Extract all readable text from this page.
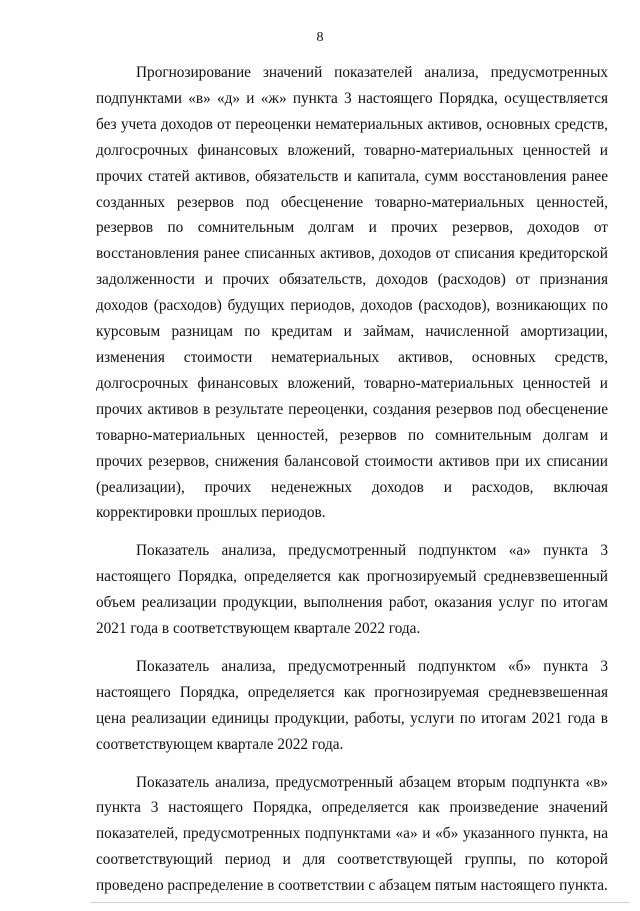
8

Прогнозирование значений показателей анализа, предусмотренных подпунктами «в» «д» и «ж» пункта 3 настоящего Порядка, осуществляется без учета доходов от переоценки нематериальных активов, основных средств, долгосрочных финансовых вложений, товарно-материальных ценностей и прочих статей активов, обязательств и капитала, сумм восстановления ранее созданных резервов под обесценение товарно-материальных ценностей, резервов по сомнительным долгам и прочих резервов, доходов от восстановления ранее списанных активов, доходов от списания кредиторской задолженности и прочих обязательств, доходов (расходов) от признания доходов (расходов) будущих периодов, доходов (расходов), возникающих по курсовым разницам по кредитам и займам, начисленной амортизации, изменения стоимости нематериальных активов, основных средств, долгосрочных финансовых вложений, товарно-материальных ценностей и прочих активов в результате переоценки, создания резервов под обесценение товарно-материальных ценностей, резервов по сомнительным долгам и прочих резервов, снижения балансовой стоимости активов при их списании (реализации), прочих неденежных доходов и расходов, включая корректировки прошлых периодов.

Показатель анализа, предусмотренный подпунктом «а» пункта 3 настоящего Порядка, определяется как прогнозируемый средневзвешенный объем реализации продукции, выполнения работ, оказания услуг по итогам 2021 года в соответствующем квартале 2022 года.

Показатель анализа, предусмотренный подпунктом «б» пункта 3 настоящего Порядка, определяется как прогнозируемая средневзвешенная цена реализации единицы продукции, работы, услуги по итогам 2021 года в соответствующем квартале 2022 года.

Показатель анализа, предусмотренный абзацем вторым подпункта «в» пункта 3 настоящего Порядка, определяется как произведение значений показателей, предусмотренных подпунктами «а» и «б» указанного пункта, на соответствующий период и для соответствующей группы, по которой проведено распределение в соответствии с абзацем пятым настоящего пункта.
